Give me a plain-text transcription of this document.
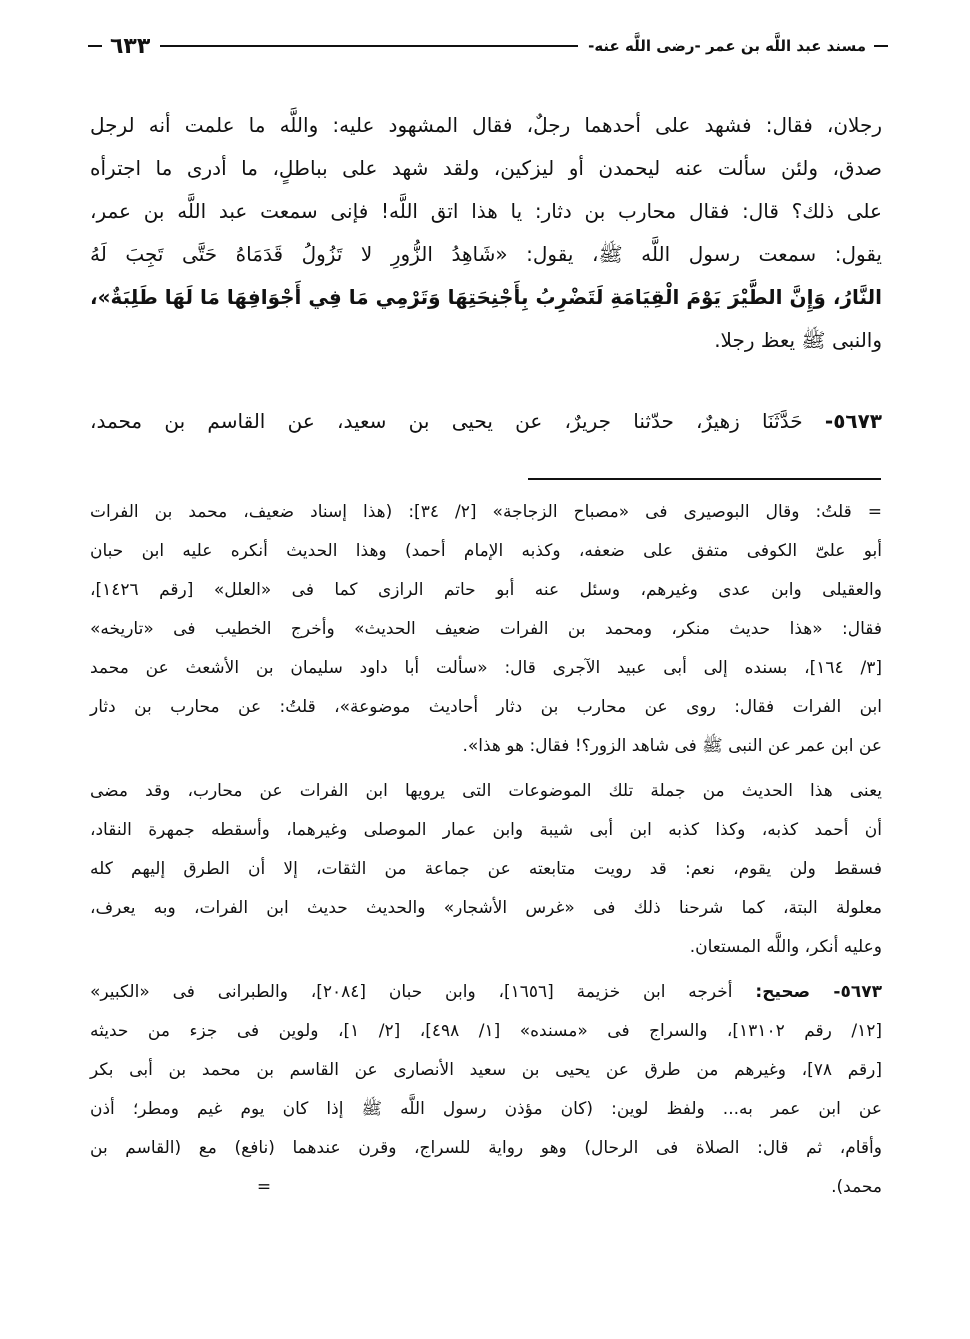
مسند عبد اللَّه بن عمر -رضى اللَّه عنه-
٦٣٣
رجلان، فقال: فشهد على أحدهما رجلٌ، فقال المشهود عليه: واللَّه ما علمت أنه لرجل
صدق، ولئن سألت عنه ليحمدن أو ليزكين، ولقد شهد على بباطلٍ، ما أدرى ما اجترأه
على ذلك؟ قال: فقال محارب بن دثار: يا هذا اتق اللَّه! فإنى سمعت عبد اللَّه بن عمر،
يقول: سمعت رسول اللَّه ﷺ، يقول: «شَاهِدُ الزُّورِ لا تَزُولُ قَدَمَاهُ حَتَّى تَجِبَ لَهُ
النَّارُ، وَإِنَّ الطَّيْرَ يَوْمَ الْقِيَامَةِ لَتَضْرِبُ بِأَجْنِحَتِهَا وَتَرْمِي مَا فِي أَجْوَافِهَا مَا لَهَا طَلِبَةٌ»،
والنبى ﷺ يعظ رجلا.
٥٦٧٣- حَدَّثَنَا زهيرٌ، حدّثنا جريرٌ، عن يحيى بن سعيد، عن القاسم بن محمد،
= قلتُ: وقال البوصيرى فى «مصباح الزجاجة» [٢/ ٣٤]: (هذا إسناد ضعيف، محمد بن الفرات
أبو علىّ الكوفى متفق على ضعفه، وكذبه الإمام أحمد) وهذا الحديث أنكره عليه ابن حبان
والعقيلى وابن عدى وغيرهم، وسئل عنه أبو حاتم الرازى كما فى «العلل» [رقم ١٤٢٦]،
فقال: «هذا حديث منكر، ومحمد بن الفرات ضعيف الحديث» وأخرج الخطيب فى «تاريخه»
[٣/ ١٦٤]، بسنده إلى أبى عبيد الآجرى قال: «سألت أبا داود سليمان بن الأشعث عن محمد
ابن الفرات فقال: روى عن محارب بن دثار أحاديث موضوعة»، قلتُ: عن محارب بن دثار
عن ابن عمر عن النبى ﷺ فى شاهد الزور؟! فقال: هو هذا».
يعنى هذا الحديث من جملة تلك الموضوعات التى يرويها ابن الفرات عن محارب، وقد مضى
أن أحمد كذبه، وكذا كذبه ابن أبى شيبة وابن عمار الموصلى وغيرهما، وأسقطه جمهرة النقاد،
فسقط ولن يقوم، نعم: قد رويت متابعته عن جماعة من الثقات، إلا أن الطرق إليهم كله
معلولة البتة، كما شرحنا ذلك فى «غرس الأشجار» والحديث حديث ابن الفرات، وبه يعرف،
وعليه أنكر، واللَّه المستعان.
٥٦٧٣- صحيح: أخرجه ابن خزيمة [١٦٥٦]، وابن حبان [٢٠٨٤]، والطبرانى فى «الكبير»
[١٢/ رقم ١٣١٠٢]، والسراج فى «مسنده» [١/ ٤٩٨]، [٢/ ١]، ولوين فى جزء من حديثه
[رقم ٧٨]، وغيرهم من طرق عن يحيى بن سعيد الأنصارى عن القاسم بن محمد بن أبى بكر
عن ابن عمر به... ولفظ لوين: (كان مؤذن رسول اللَّه ﷺ إذا كان يوم غيم ومطر؛ أذن
وأقام، ثم قال: الصلاة فى الرحال) وهو رواية للسراج، وقرن عندهما (نافع) مع (القاسم بن
محمد).=
